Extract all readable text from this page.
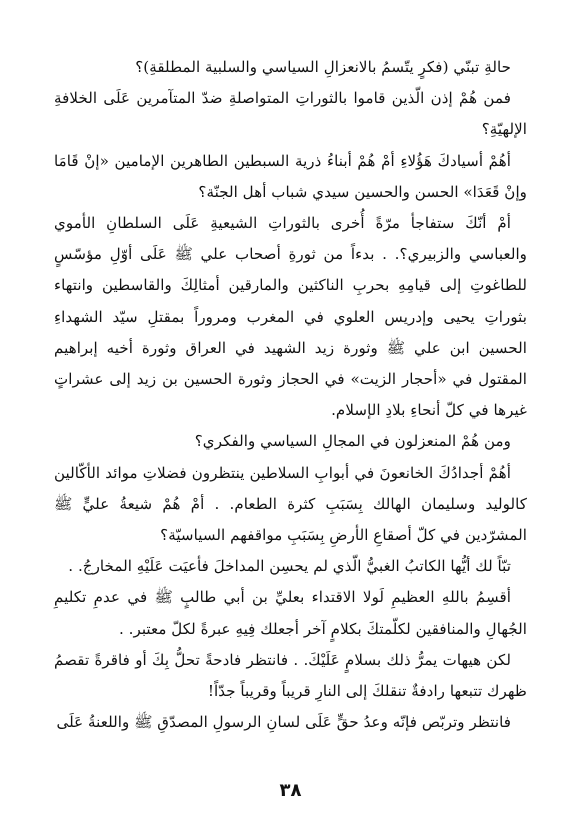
حالةِ تبنّي (فكرٍ يتّسمُ بالانعزالِ السياسي والسلبية المطلقةِ)؟

فمن هُمْ إذن الّذين قاموا بالثوراتِ المتواصلةِ ضدّ المتآمرين عَلَى الخلافةِ الإلهيّةِ؟

أهُمْ أسيادكَ هَؤُلاءِ أمْ هُمْ أبناءُ ذرية السبطين الطاهرين الإمامين «إنْ قَامَا وإنْ قَعَدَا» الحسن والحسين سيدي شباب أهل الجنّة؟

أمْ أنّكَ ستفاجأ مرّةً أُخرى بالثوراتِ الشيعيةِ عَلَى السلطانِ الأموي والعباسي والزبيري؟. . بدءاً من ثورةِ أصحاب علي ﷺ عَلَى أوّلِ مؤسّسٍ للطاغوتِ إلى قيامِهِ بحربِ الناكثين والمارقين أمثالِكَ والقاسطين وانتهاء بثوراتِ يحيى وإدريس العلوي في المغرب ومروراً بمقتلِ سيّد الشهداءِ الحسين ابن علي ﷺ وثورة زيد الشهيد في العراق وثورة أخيه إبراهيم المقتول في «أحجار الزيت» في الحجاز وثورة الحسين بن زيد إلى عشراتٍ غيرها في كلّ أنحاءِ بلادِ الإسلام.

ومن هُمْ المنعزلون في المجالِ السياسي والفكري؟

أهُمْ أجدادُكَ الخانعونَ في أبوابِ السلاطين ينتظرون فضلاتِ موائد الأكّالين كالوليد وسليمان الهالك بِسَبَبِ كثرة الطعام. . أمْ هُمْ شيعةُ عليٍّ ﷺ المشرّدين في كلّ أصقاعِ الأرضِ بِسَبَبِ مواقفهم السياسيّة؟

تبّاً لك أيُّها الكاتبُ الغبيُّ الّذي لم يحسِن المداخلَ فأعيَت عَلَيْهِ المخارجُ. .

أقسِمُ باللهِ العظيمِ لَولا الاقتداء بعليِّ بن أبي طالبٍ ﷺ في عدمِ تكليمِ الجُهالِ والمنافقين لكلّمتكَ بكلامٍ آخر أجعلك فِيهِ عبرةً لكلّ معتبر. .

لكن هيهات يمرُّ ذلك بسلامٍ عَلَيْكَ. . فانتظر فادحةً تحلُّ بِكَ أو فاقرةً تقصمُ ظهرك تتبعها رادفةٌ تنقلكَ إلى النارِ قريباً وقريباً جدّاً!

فانتظر وتربّص فإنّه وعدُ حقٍّ عَلَى لسانِ الرسولِ المصدّقِ ﷺ واللعنةُ عَلَى

٣٨
